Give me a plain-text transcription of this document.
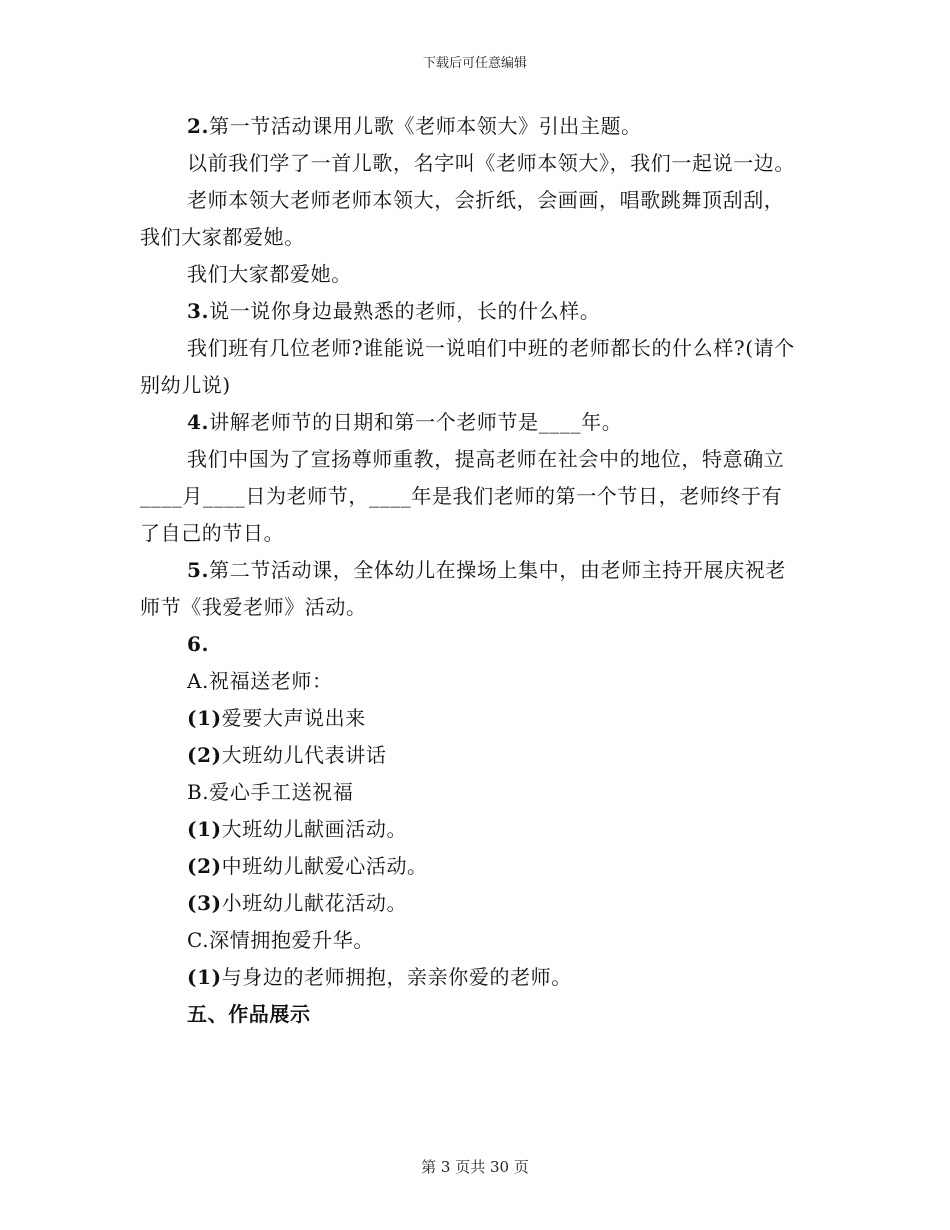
下载后可任意编辑

2.第一节活动课用儿歌《老师本领大》引出主题。

以前我们学了一首儿歌，名字叫《老师本领大》，我们一起说一边。

老师本领大老师老师本领大，会折纸，会画画，唱歌跳舞顶刮刮，我们大家都爱她。

我们大家都爱她。

3.说一说你身边最熟悉的老师，长的什么样。

我们班有几位老师?谁能说一说咱们中班的老师都长的什么样?(请个别幼儿说)

4.讲解老师节的日期和第一个老师节是____年。

我们中国为了宣扬尊师重教，提高老师在社会中的地位，特意确立____月____日为老师节，____年是我们老师的第一个节日，老师终于有了自己的节日。

5.第二节活动课，全体幼儿在操场上集中，由老师主持开展庆祝老师节《我爱老师》活动。

6.

A.祝福送老师：

(1)爱要大声说出来

(2)大班幼儿代表讲话

B.爱心手工送祝福

(1)大班幼儿献画活动。

(2)中班幼儿献爱心活动。

(3)小班幼儿献花活动。

C.深情拥抱爱升华。

(1)与身边的老师拥抱，亲亲你爱的老师。

五、作品展示

第 3 页共 30 页
